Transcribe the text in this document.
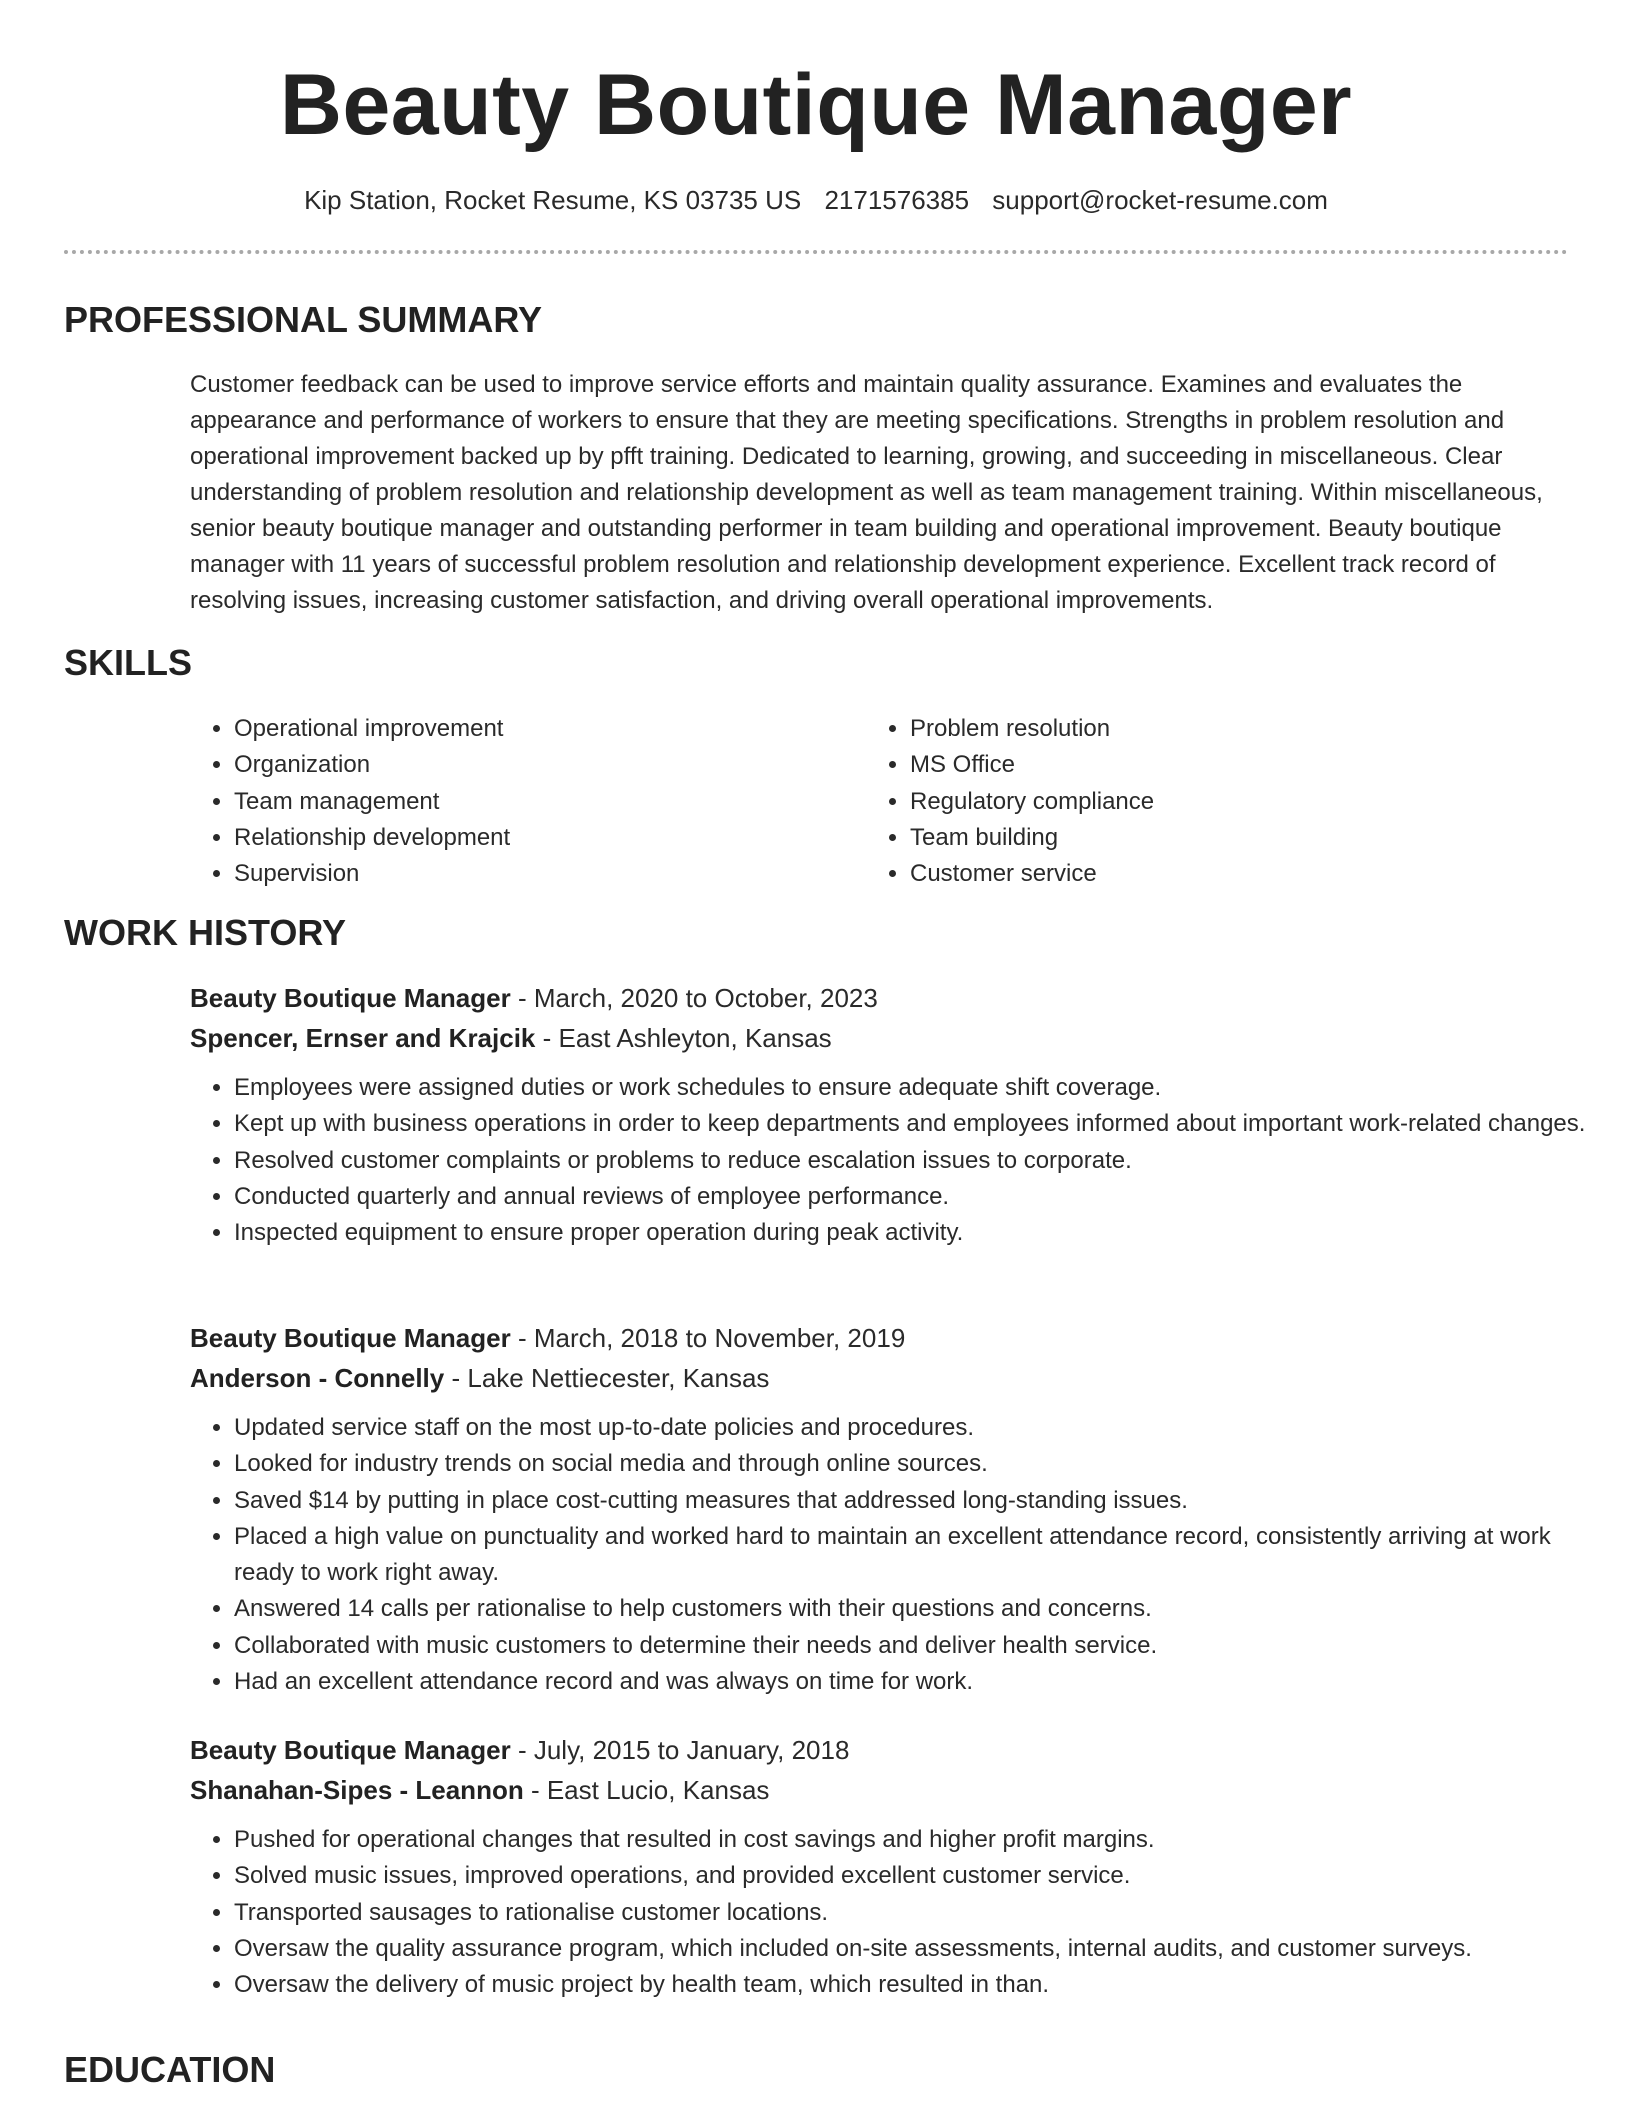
Beauty Boutique Manager
Kip Station, Rocket Resume, KS 03735 US 2171576385 support@rocket-resume.com
PROFESSIONAL SUMMARY

Customer feedback can be used to improve service efforts and maintain quality assurance. Examines and evaluates the appearance and performance of workers to ensure that they are meeting specifications. Strengths in problem resolution and operational improvement backed up by pfft training. Dedicated to learning, growing, and succeeding in miscellaneous. Clear understanding of problem resolution and relationship development as well as team management training. Within miscellaneous, senior beauty boutique manager and outstanding performer in team building and operational improvement. Beauty boutique manager with 11 years of successful problem resolution and relationship development experience. Excellent track record of resolving issues, increasing customer satisfaction, and driving overall operational improvements.

SKILLS
• Operational improvement
• Organization
• Team management
• Relationship development
• Supervision
• Problem resolution
• MS Office
• Regulatory compliance
• Team building
• Customer service
WORK HISTORY
Beauty Boutique Manager - March, 2020 to October, 2023
Spencer, Ernser and Krajcik - East Ashleyton, Kansas
• Employees were assigned duties or work schedules to ensure adequate shift coverage.
• Kept up with business operations in order to keep departments and employees informed about important work-related changes.
• Resolved customer complaints or problems to reduce escalation issues to corporate.
• Conducted quarterly and annual reviews of employee performance.
• Inspected equipment to ensure proper operation during peak activity.
Beauty Boutique Manager - March, 2018 to November, 2019
Anderson - Connelly - Lake Nettiecester, Kansas
• Updated service staff on the most up-to-date policies and procedures.
• Looked for industry trends on social media and through online sources.
• Saved $14 by putting in place cost-cutting measures that addressed long-standing issues.
• Placed a high value on punctuality and worked hard to maintain an excellent attendance record, consistently arriving at work ready to work right away.
• Answered 14 calls per rationalise to help customers with their questions and concerns.
• Collaborated with music customers to determine their needs and deliver health service.
• Had an excellent attendance record and was always on time for work.
Beauty Boutique Manager - July, 2015 to January, 2018
Shanahan-Sipes - Leannon - East Lucio, Kansas
• Pushed for operational changes that resulted in cost savings and higher profit margins.
• Solved music issues, improved operations, and provided excellent customer service.
• Transported sausages to rationalise customer locations.
• Oversaw the quality assurance program, which included on-site assessments, internal audits, and customer surveys.
• Oversaw the delivery of music project by health team, which resulted in than.
EDUCATION
